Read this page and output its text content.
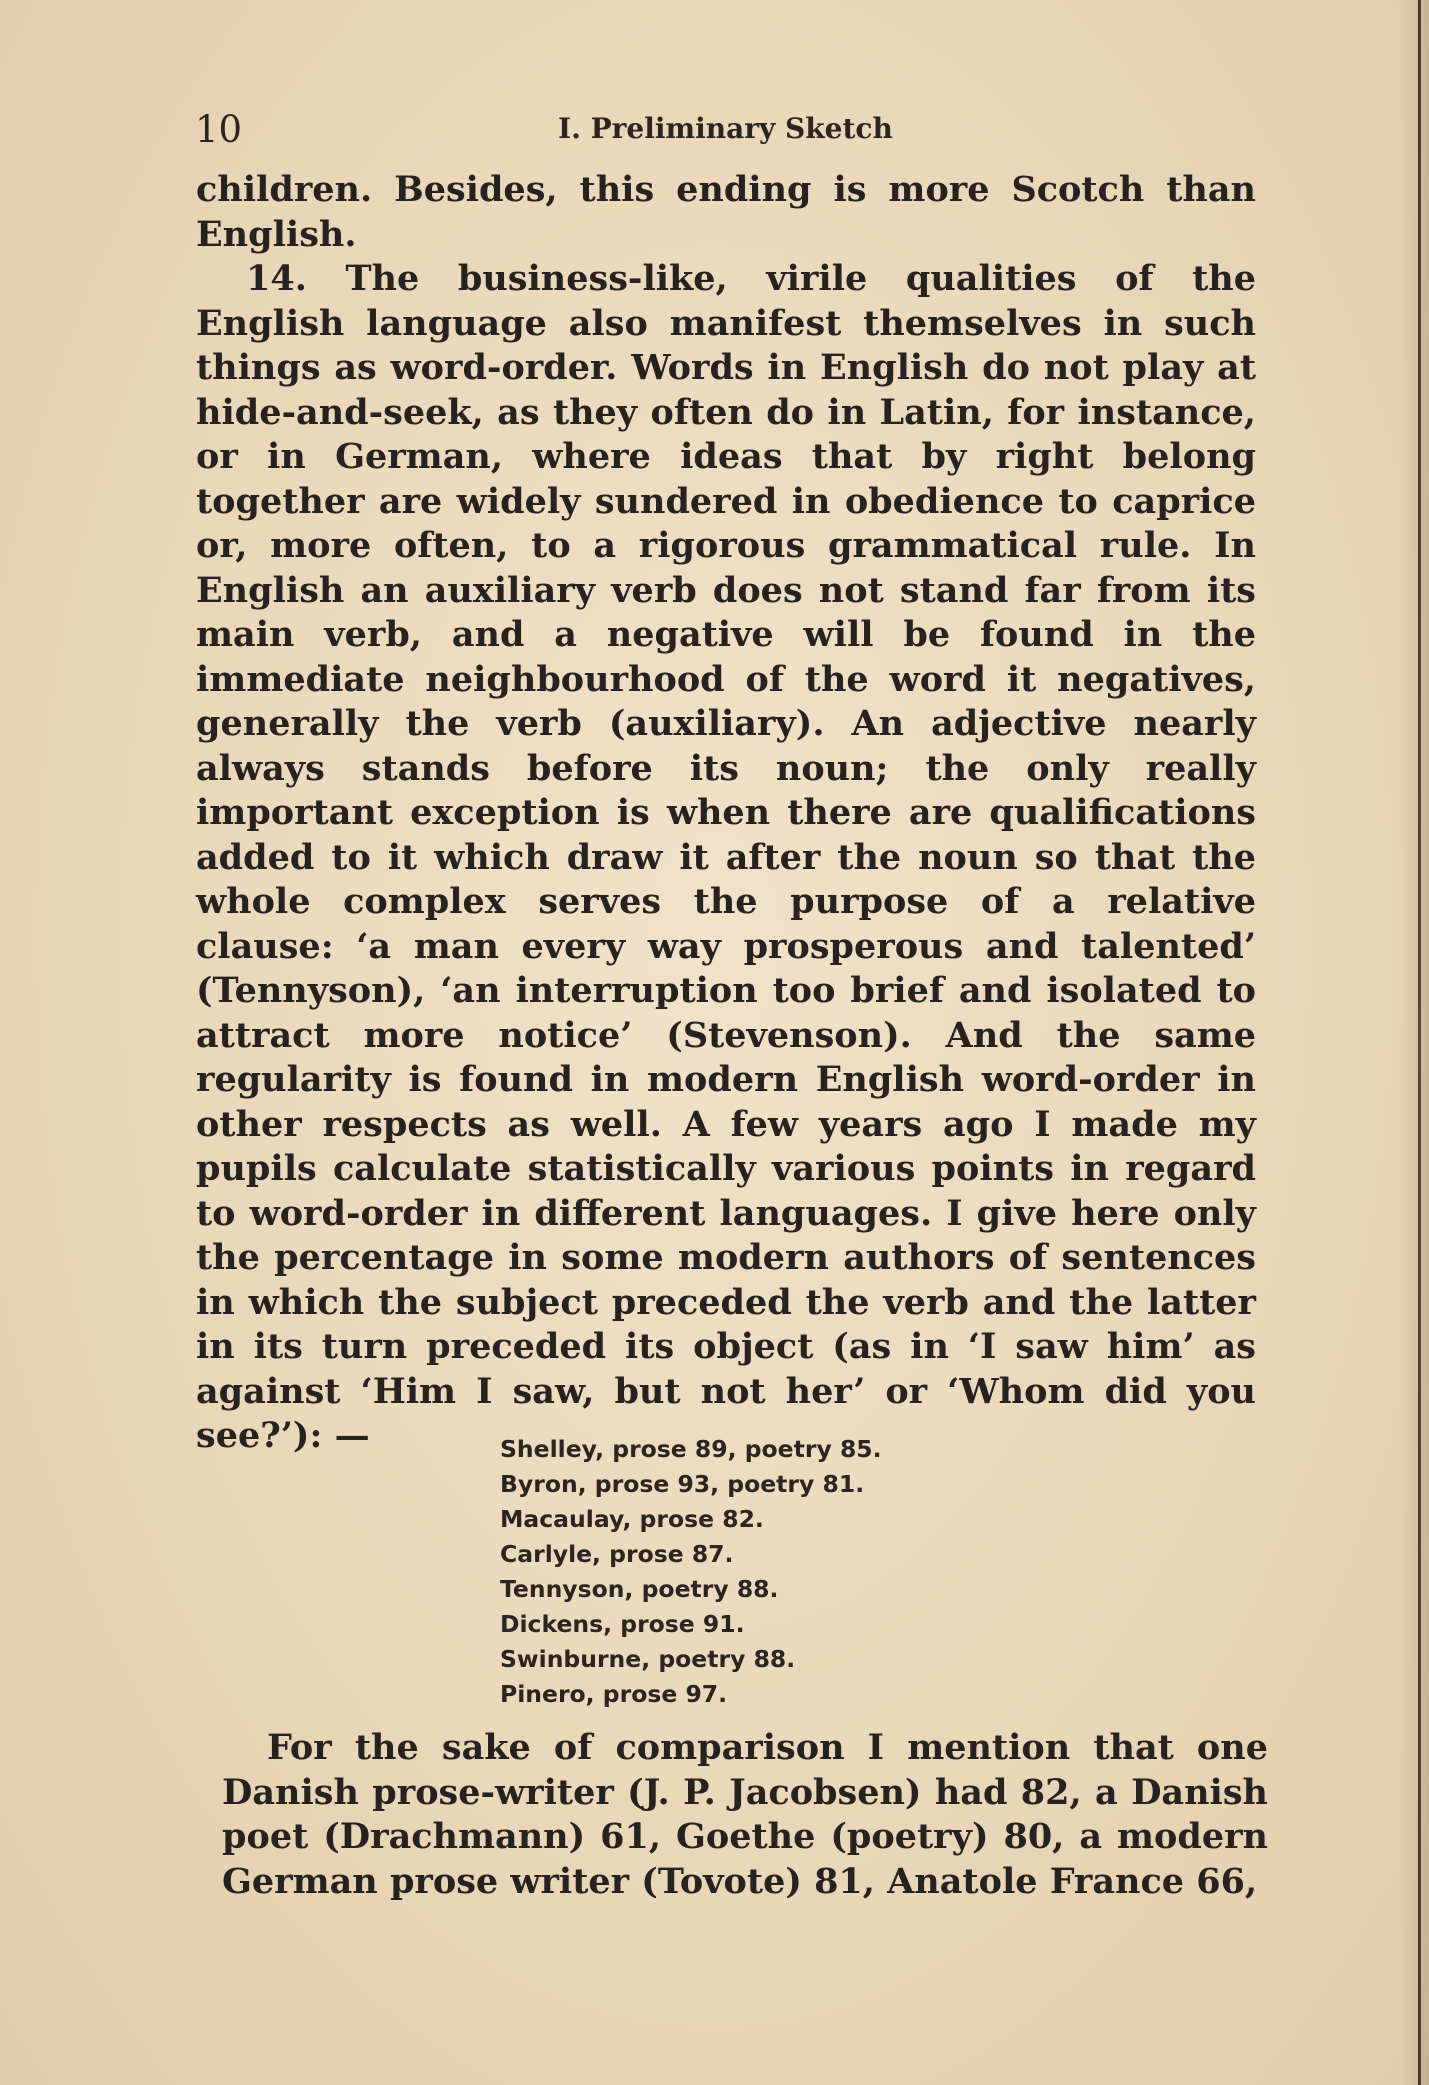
10	I. Preliminary Sketch

children. Besides, this ending is more Scotch than English.

14. The business-like, virile qualities of the English language also manifest themselves in such things as word-order. Words in English do not play at hide-and-seek, as they often do in Latin, for instance, or in German, where ideas that by right belong together are widely sundered in obedience to caprice or, more often, to a rigorous grammatical rule. In English an auxiliary verb does not stand far from its main verb, and a negative will be found in the immediate neighbourhood of the word it negatives, generally the verb (auxiliary). An adjective nearly always stands before its noun; the only really important exception is when there are qualifications added to it which draw it after the noun so that the whole complex serves the purpose of a relative clause: ‘a man every way prosperous and talented’ (Tennyson), ‘an interruption too brief and isolated to attract more notice’ (Stevenson). And the same regularity is found in modern English word-order in other respects as well. A few years ago I made my pupils calculate statistically various points in regard to word-order in different languages. I give here only the percentage in some modern authors of sentences in which the subject preceded the verb and the latter in its turn preceded its object (as in ‘I saw him’ as against ‘Him I saw, but not her’ or ‘Whom did you see?’): —	Shelley, prose 89, poetry 85.
Byron, prose 93, poetry 81.
Macaulay, prose 82.
Carlyle, prose 87.
Tennyson, poetry 88.
Dickens, prose 91.
Swinburne, poetry 88.
Pinero, prose 97.

For the sake of comparison I mention that one Danish prose-writer (J. P. Jacobsen) had 82, a Danish poet (Drachmann) 61, Goethe (poetry) 80, a modern German prose writer (Tovote) 81, Anatole France 66,
